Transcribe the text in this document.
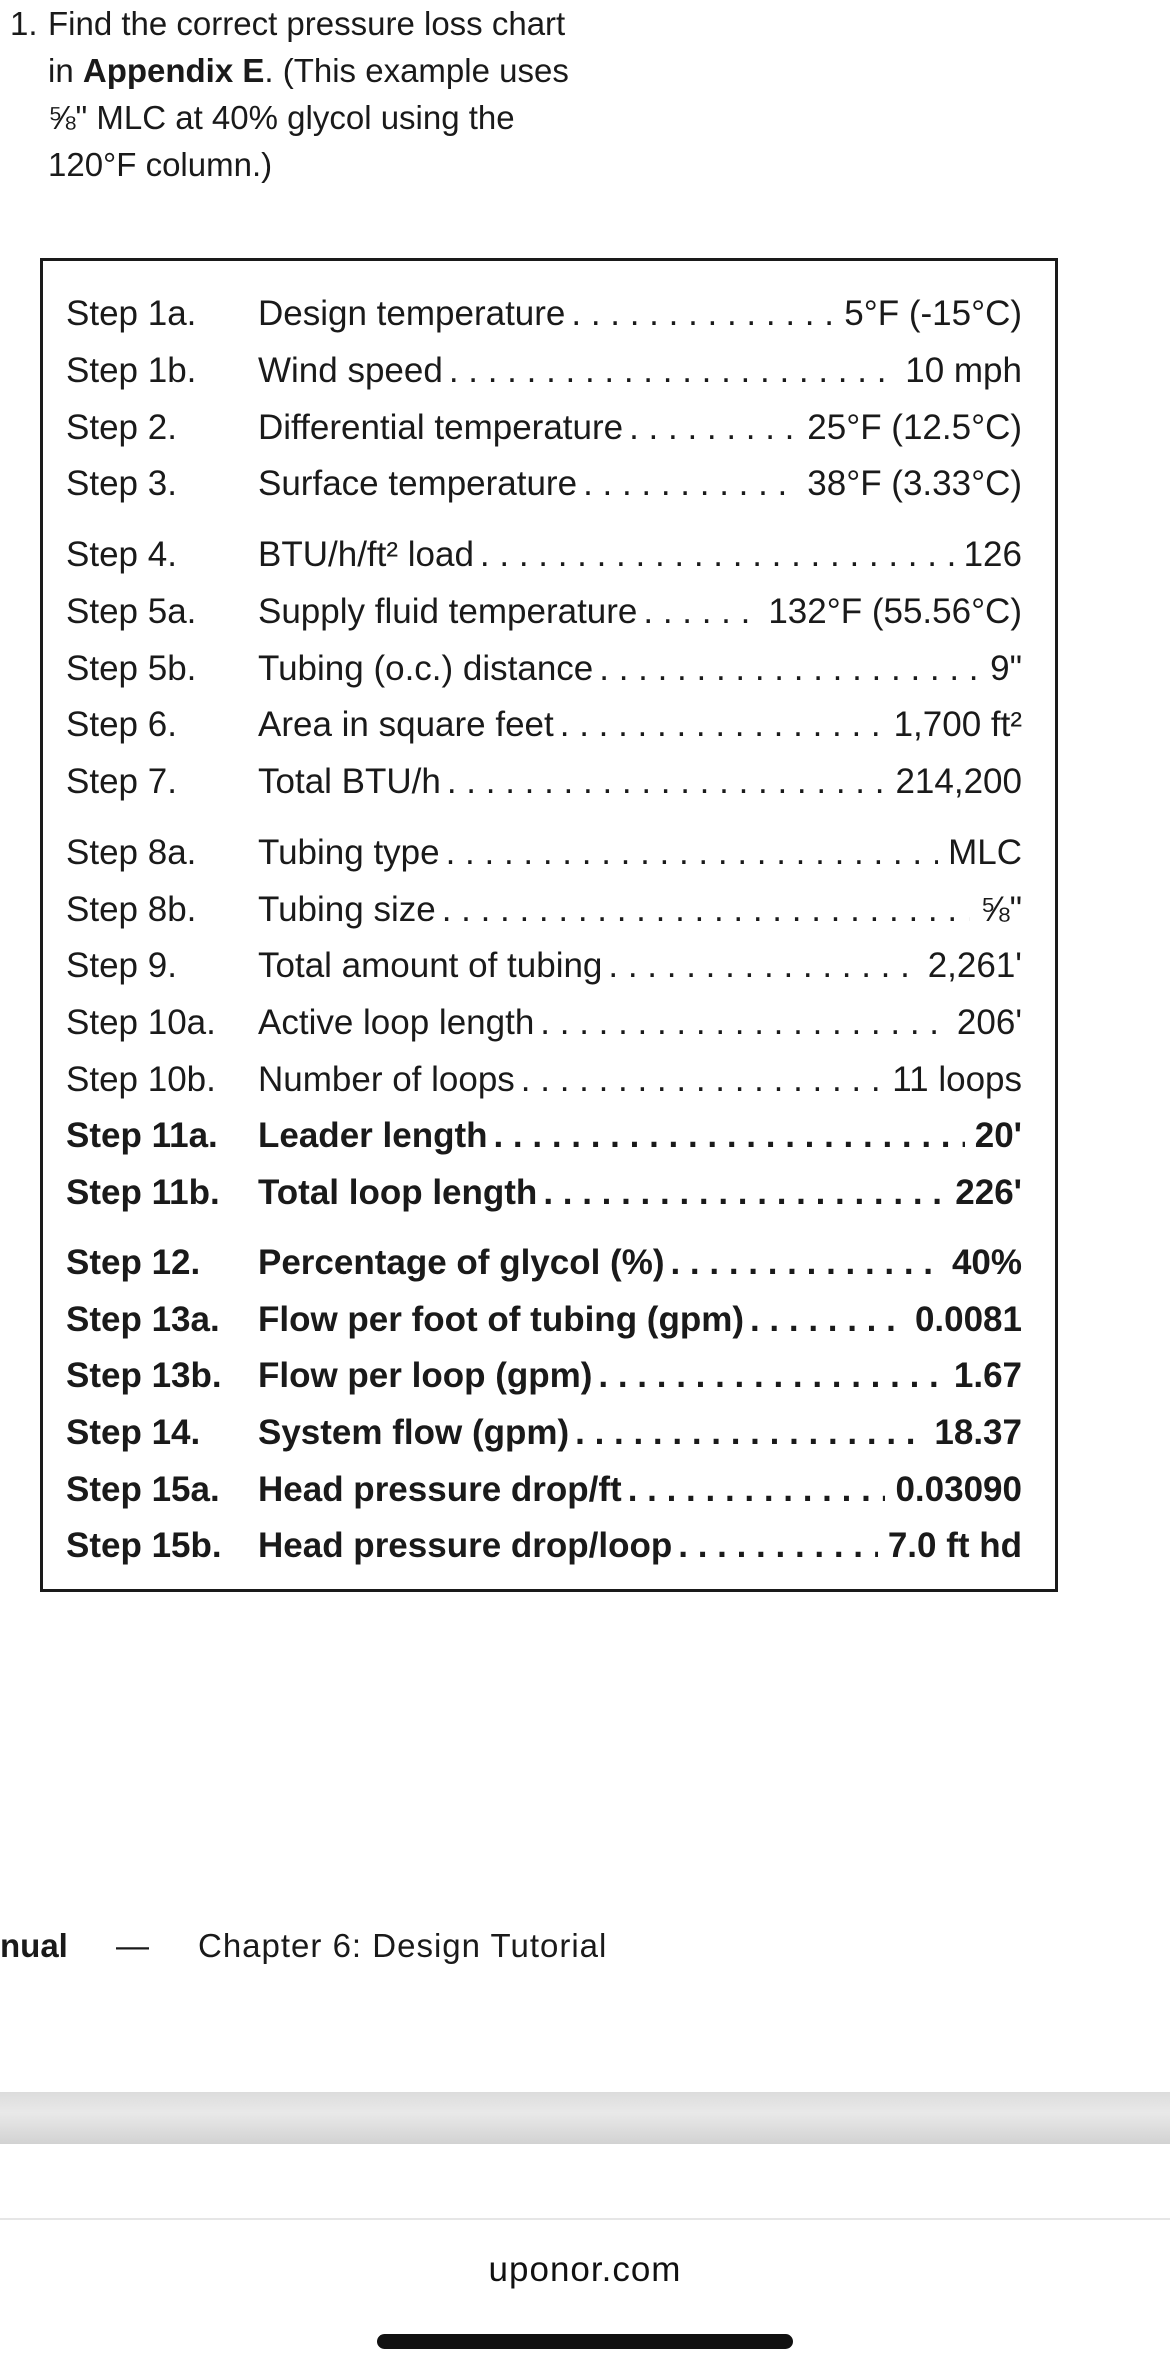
1. Find the correct pressure loss chart in Appendix E. (This example uses ⅝" MLC at 40% glycol using the 120°F column.)
Step 1a.	Design temperature . . .	5°F (-15°C)
Step 1b.	Wind speed . . .	10 mph
Step 2.	Differential temperature . . .	25°F (12.5°C)
Step 3.	Surface temperature . . .	38°F (3.33°C)
Step 4.	BTU/h/ft² load . . .	126
Step 5a.	Supply fluid temperature . . .	132°F (55.56°C)
Step 5b.	Tubing (o.c.) distance . . .	9"
Step 6.	Area in square feet . . .	1,700 ft²
Step 7.	Total BTU/h . . .	214,200
Step 8a.	Tubing type . . .	MLC
Step 8b.	Tubing size . . .	⅝"
Step 9.	Total amount of tubing . . .	2,261'
Step 10a.	Active loop length . . .	206'
Step 10b.	Number of loops . . .	11 loops
Step 11a.	Leader length . . .	20'
Step 11b.	Total loop length . . .	226'
Step 12.	Percentage of glycol (%) . . .	40%
Step 13a.	Flow per foot of tubing (gpm) . . .	0.0081
Step 13b.	Flow per loop (gpm) . . .	1.67
Step 14.	System flow (gpm) . . .	18.37
Step 15a.	Head pressure drop/ft . . .	0.03090
Step 15b.	Head pressure drop/loop . . .	7.0 ft hd
nual — Chapter 6: Design Tutorial
uponor.com
